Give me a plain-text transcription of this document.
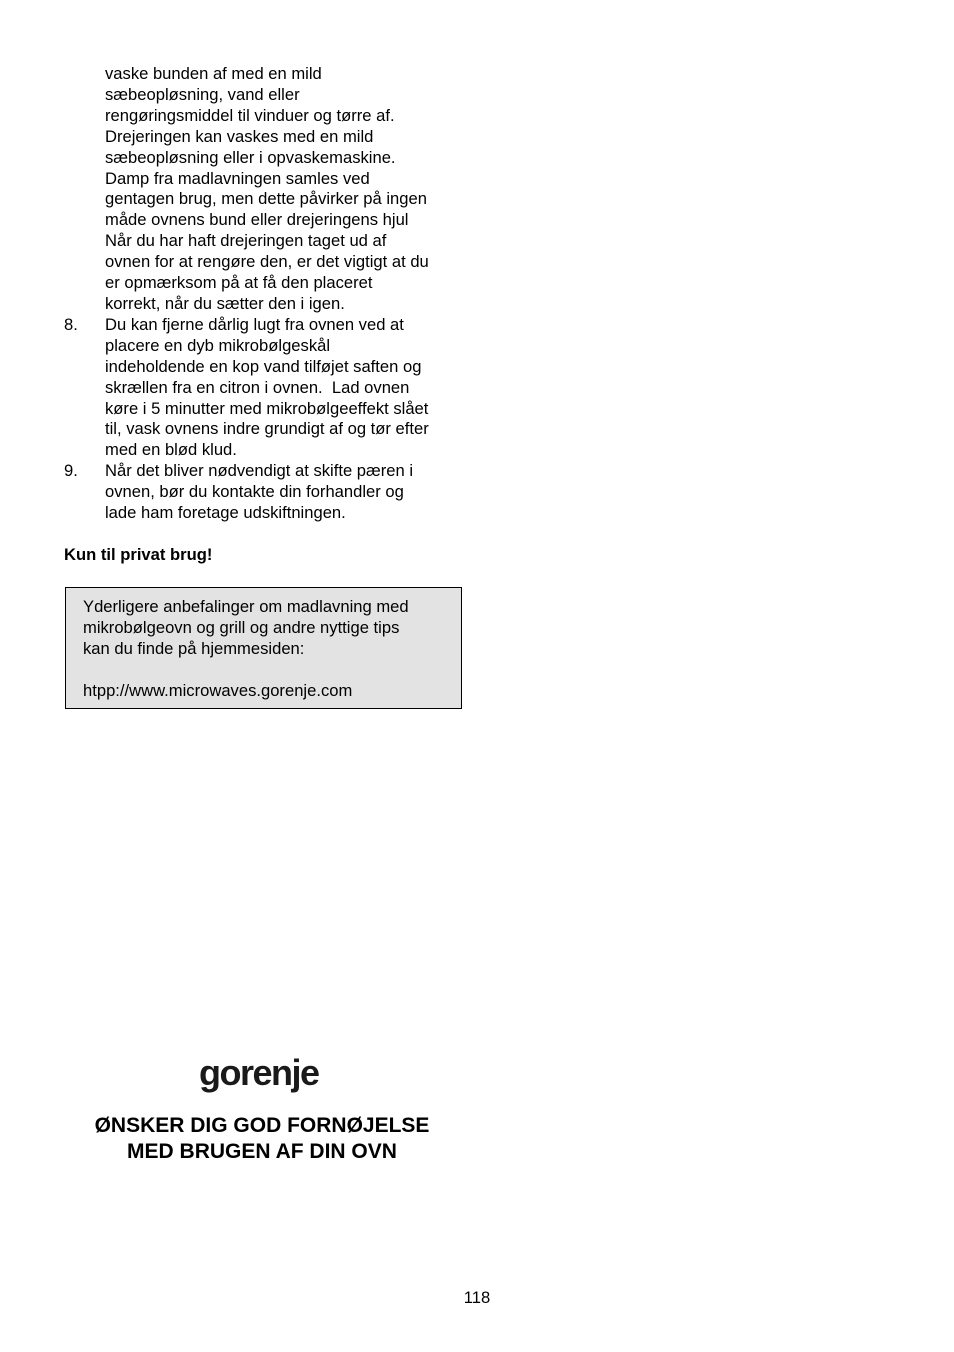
vaske bunden af med en mild
sæbeopløsning, vand eller
rengøringsmiddel til vinduer og tørre af.
Drejeringen kan vaskes med en mild
sæbeopløsning eller i opvaskemaskine.
Damp fra madlavningen samles ved
gentagen brug, men dette påvirker på ingen
måde ovnens bund eller drejeringens hjul
Når du har haft drejeringen taget ud af
ovnen for at rengøre den, er det vigtigt at du
er opmærksom på at få den placeret
korrekt, når du sætter den i igen.
8.	Du kan fjerne dårlig lugt fra ovnen ved at
placere en dyb mikrobølgeskål
indeholdende en kop vand tilføjet saften og
skrællen fra en citron i ovnen.  Lad ovnen
køre i 5 minutter med mikrobølgeeffekt slået
til, vask ovnens indre grundigt af og tør efter
med en blød klud.
9.	Når det bliver nødvendigt at skifte pæren i
ovnen, bør du kontakte din forhandler og
lade ham foretage udskiftningen.
Kun til privat brug!
Yderligere anbefalinger om madlavning med
mikrobølgeovn og grill og andre nyttige tips
kan du finde på hjemmesiden:
htpp://www.microwaves.gorenje.com
gorenje
ØNSKER DIG GOD FORNØJELSE
MED BRUGEN AF DIN OVN
118
